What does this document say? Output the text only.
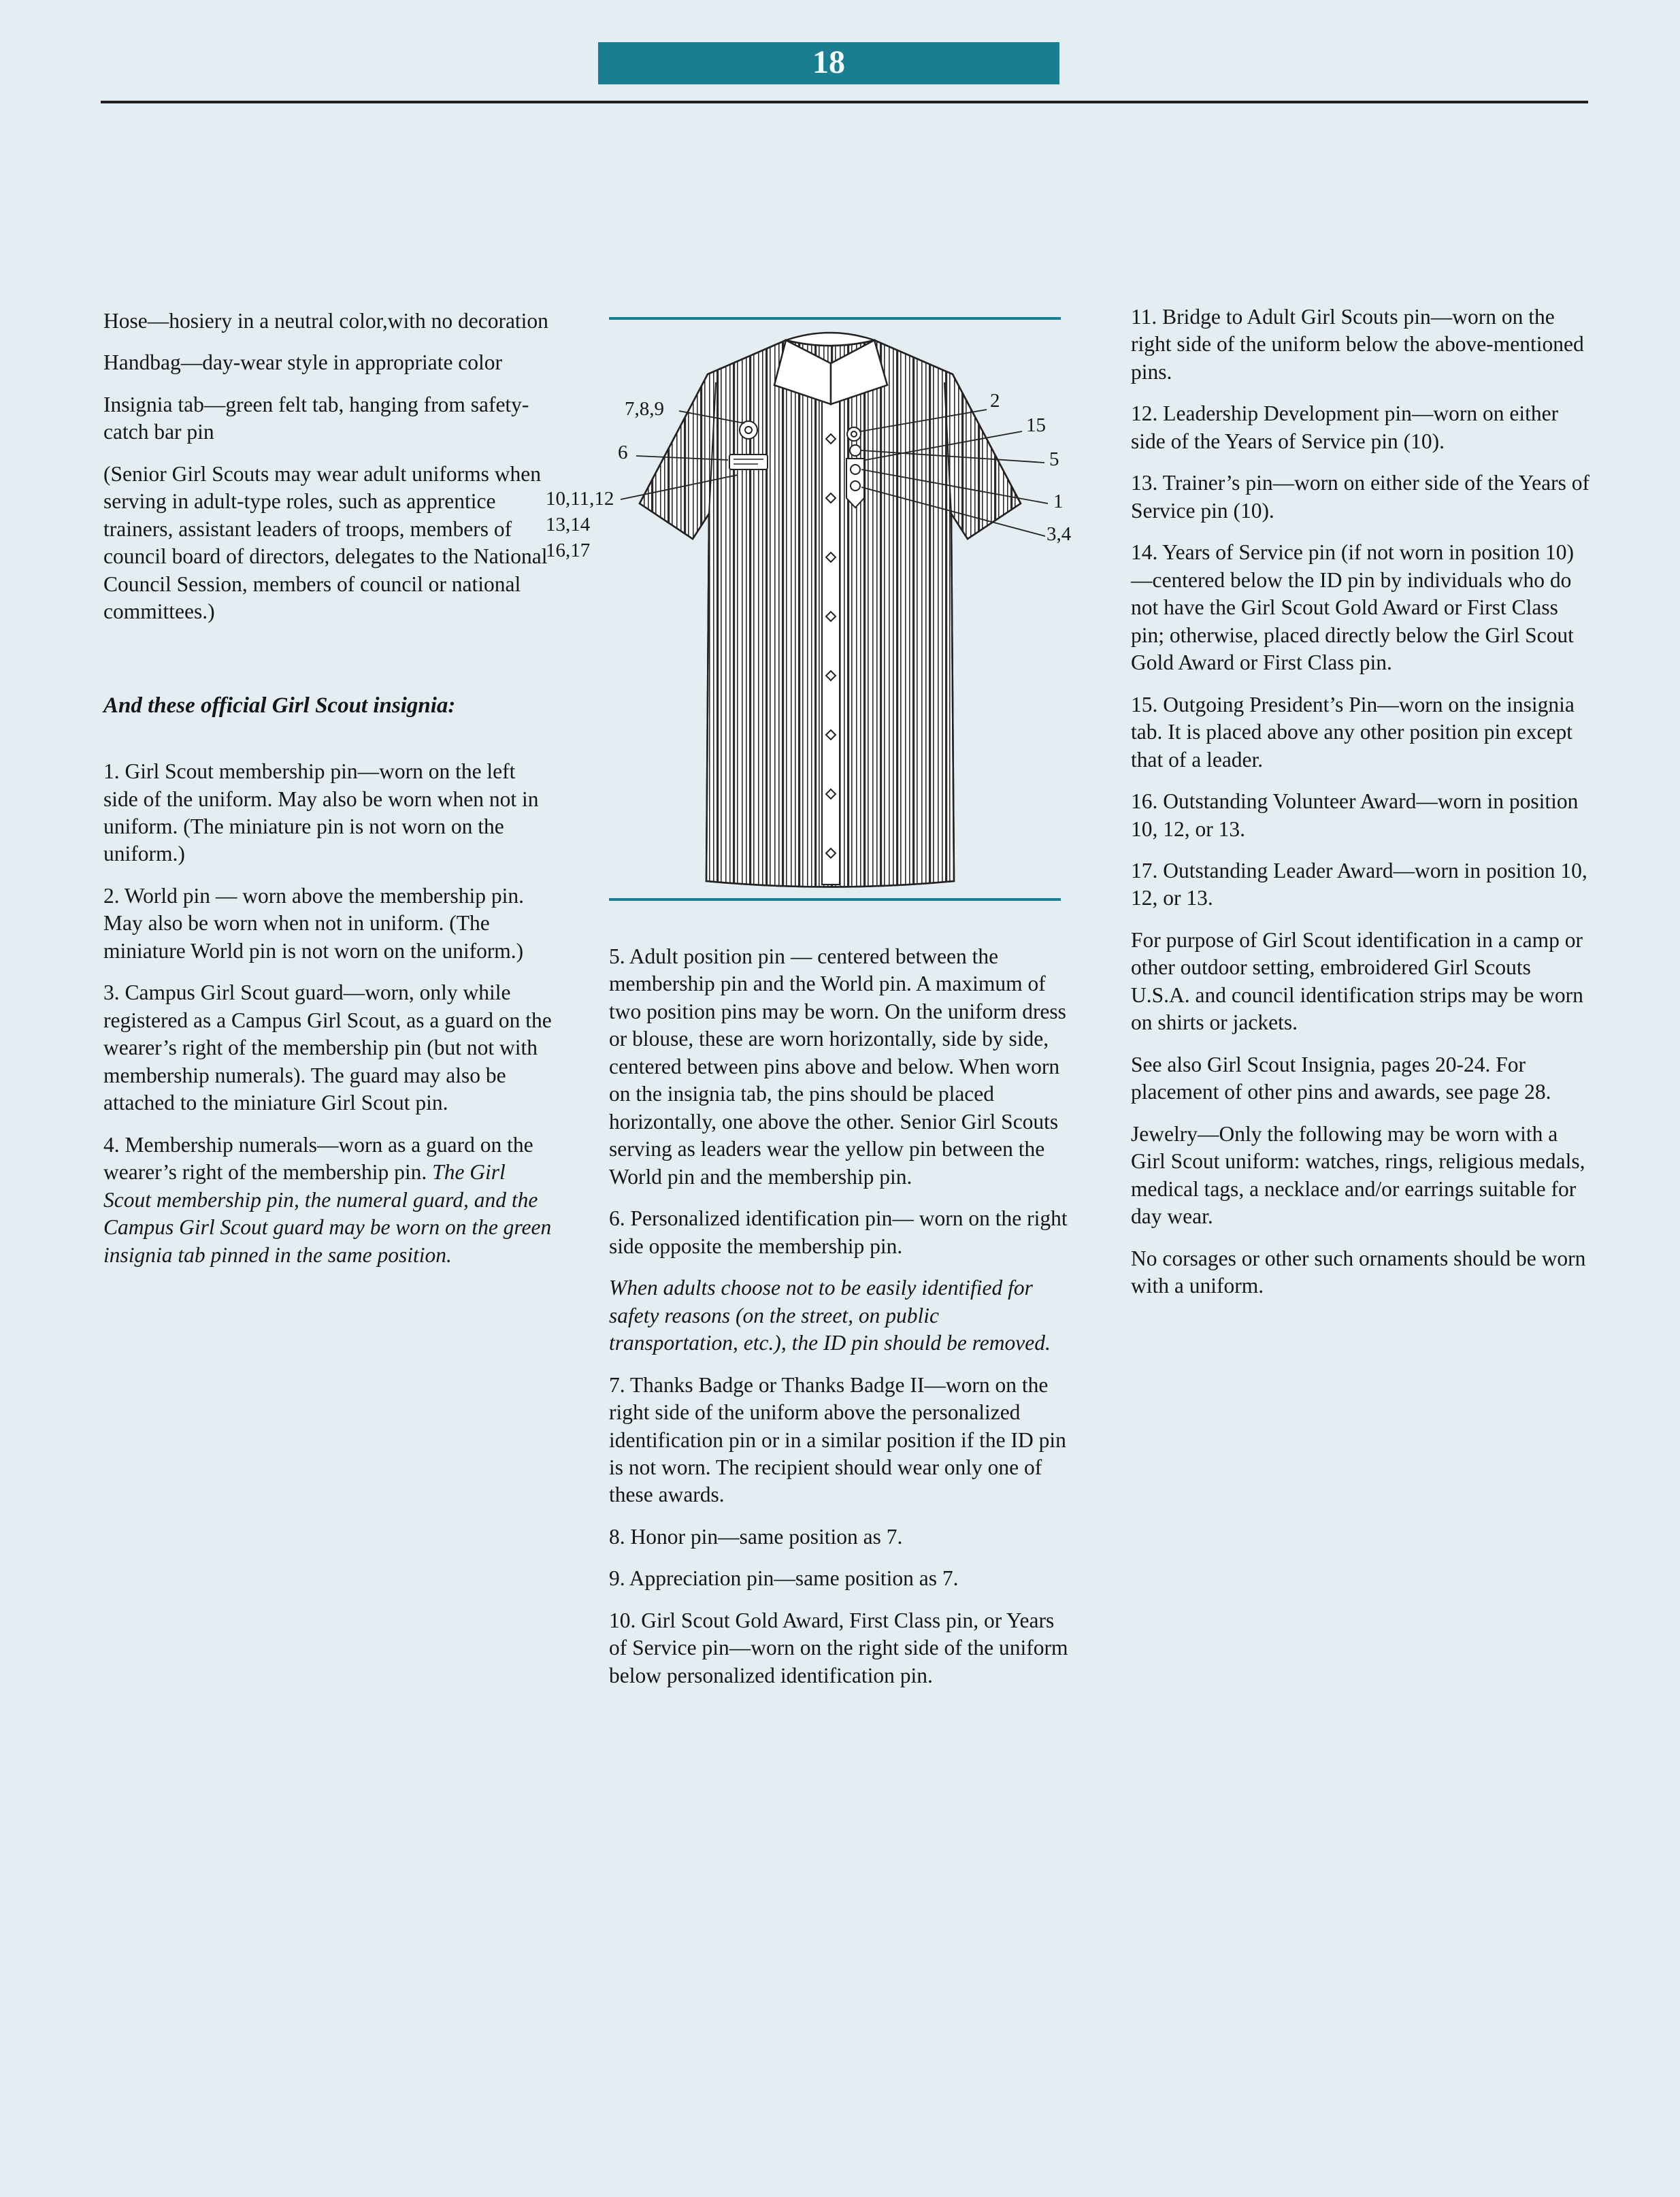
18

Hose—hosiery in a neutral color,with no decoration

Handbag—day-wear style in appropriate color

Insignia tab—green felt tab, hanging from safety-catch bar pin

(Senior Girl Scouts may wear adult uniforms when serving in adult-type roles, such as apprentice trainers, assistant leaders of troops, members of council board of directors, delegates to the National Council Session, members of council or national committees.)

And these official Girl Scout insignia:

1. Girl Scout membership pin—worn on the left side of the uniform. May also be worn when not in uniform. (The miniature pin is not worn on the uniform.)

2. World pin — worn above the membership pin. May also be worn when not in uniform. (The miniature World pin is not worn on the uniform.)

3. Campus Girl Scout guard—worn, only while registered as a Campus Girl Scout, as a guard on the wearer’s right of the membership pin (but not with membership numerals). The guard may also be attached to the miniature Girl Scout pin.

4. Membership numerals—worn as a guard on the wearer’s right of the membership pin. The Girl Scout membership pin, the numeral guard, and the Campus Girl Scout guard may be worn on the green insignia tab pinned in the same position.

7,8,9	2
15
6	5
10,11,12
13,14
16,17
1
3,4

5. Adult position pin — centered between the membership pin and the World pin. A maximum of two position pins may be worn. On the uniform dress or blouse, these are worn horizontally, side by side, centered between pins above and below. When worn on the insignia tab, the pins should be placed horizontally, one above the other. Senior Girl Scouts serving as leaders wear the yellow pin between the World pin and the membership pin.

6. Personalized identification pin— worn on the right side opposite the membership pin.

When adults choose not to be easily identified for safety reasons (on the street, on public transportation, etc.), the ID pin should be removed.

7. Thanks Badge or Thanks Badge II—worn on the right side of the uniform above the personalized identification pin or in a similar position if the ID pin is not worn. The recipient should wear only one of these awards.

8. Honor pin—same position as 7.

9. Appreciation pin—same position as 7.

10. Girl Scout Gold Award, First Class pin, or Years of Service pin—worn on the right side of the uniform below personalized identification pin.

11. Bridge to Adult Girl Scouts pin—worn on the right side of the uniform below the above-mentioned pins.

12. Leadership Development pin—worn on either side of the Years of Service pin (10).

13. Trainer’s pin—worn on either side of the Years of Service pin (10).

14. Years of Service pin (if not worn in position 10)—centered below the ID pin by individuals who do not have the Girl Scout Gold Award or First Class pin; otherwise, placed directly below the Girl Scout Gold Award or First Class pin.

15. Outgoing President’s Pin—worn on the insignia tab. It is placed above any other position pin except that of a leader.

16. Outstanding Volunteer Award—worn in position 10, 12, or 13.

17. Outstanding Leader Award—worn in position 10, 12, or 13.

For purpose of Girl Scout identification in a camp or other outdoor setting, embroidered Girl Scouts U.S.A. and council identification strips may be worn on shirts or jackets.

See also Girl Scout Insignia, pages 20-24. For placement of other pins and awards, see page 28.

Jewelry—Only the following may be worn with a Girl Scout uniform: watches, rings, religious medals, medical tags, a necklace and/or earrings suitable for day wear.

No corsages or other such ornaments should be worn with a uniform.
